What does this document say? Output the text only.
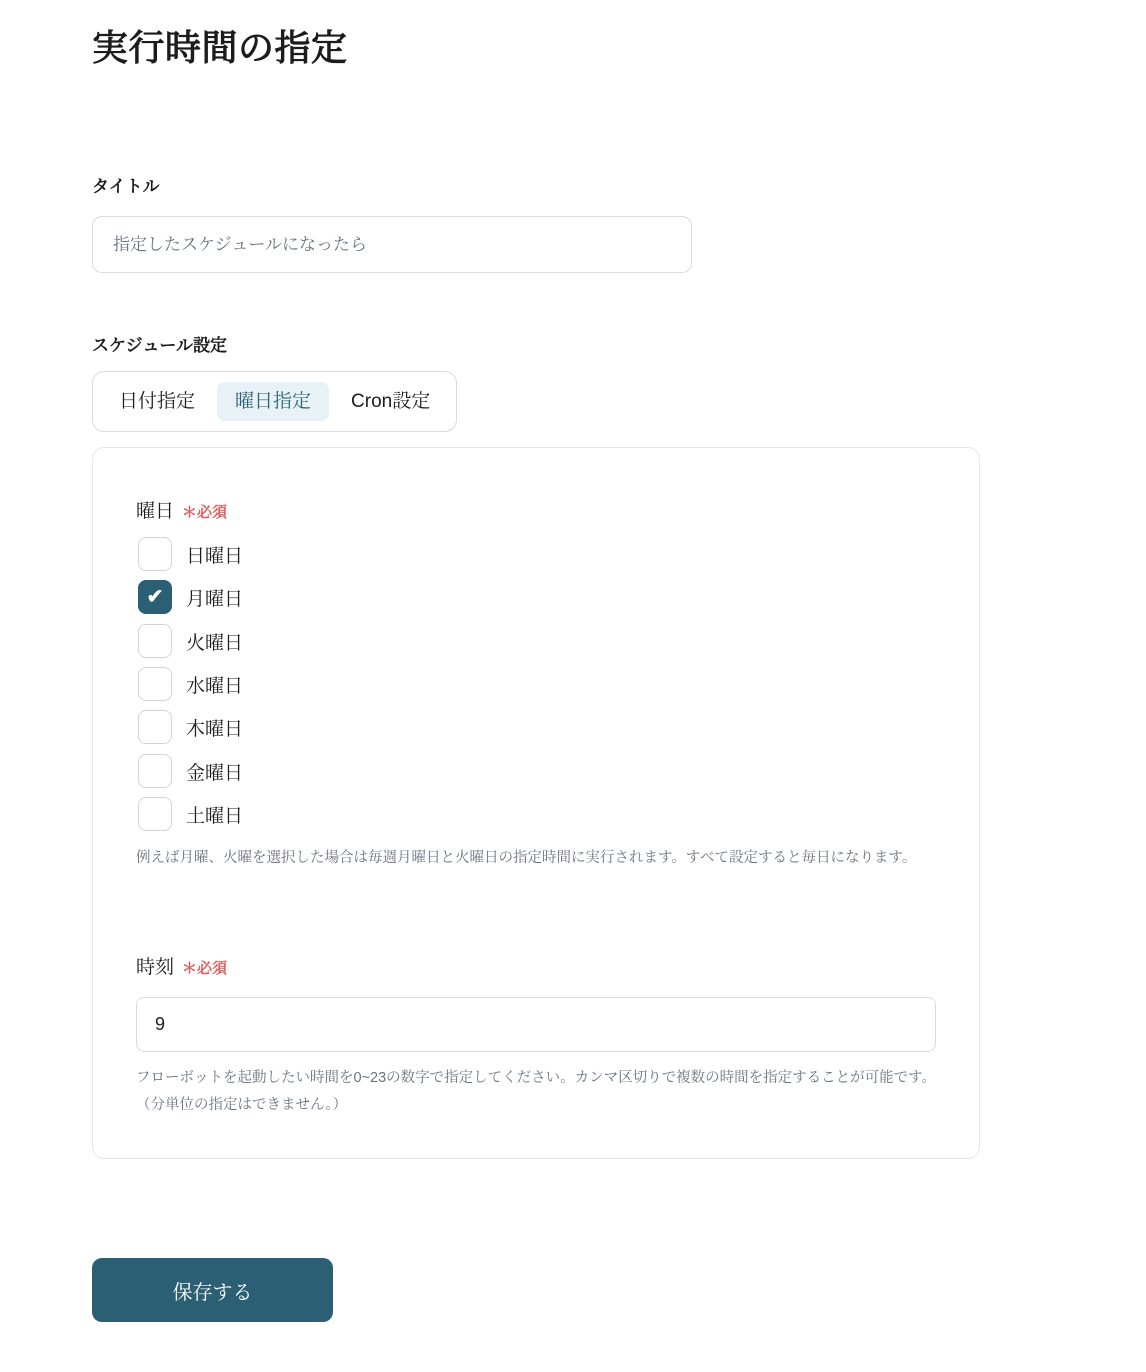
実行時間の指定
タイトル
指定したスケジュールになったら
スケジュール設定
日付指定	曜日指定	Cron設定
曜日 ＊必須
日曜日
✔ 月曜日
火曜日
水曜日
木曜日
金曜日
土曜日
例えば月曜、火曜を選択した場合は毎週月曜日と火曜日の指定時間に実行されます。すべて設定すると毎日になります。
時刻 ＊必須
9
フローボットを起動したい時間を0~23の数字で指定してください。カンマ区切りで複数の時間を指定することが可能です。（分単位の指定はできません。）
保存する
